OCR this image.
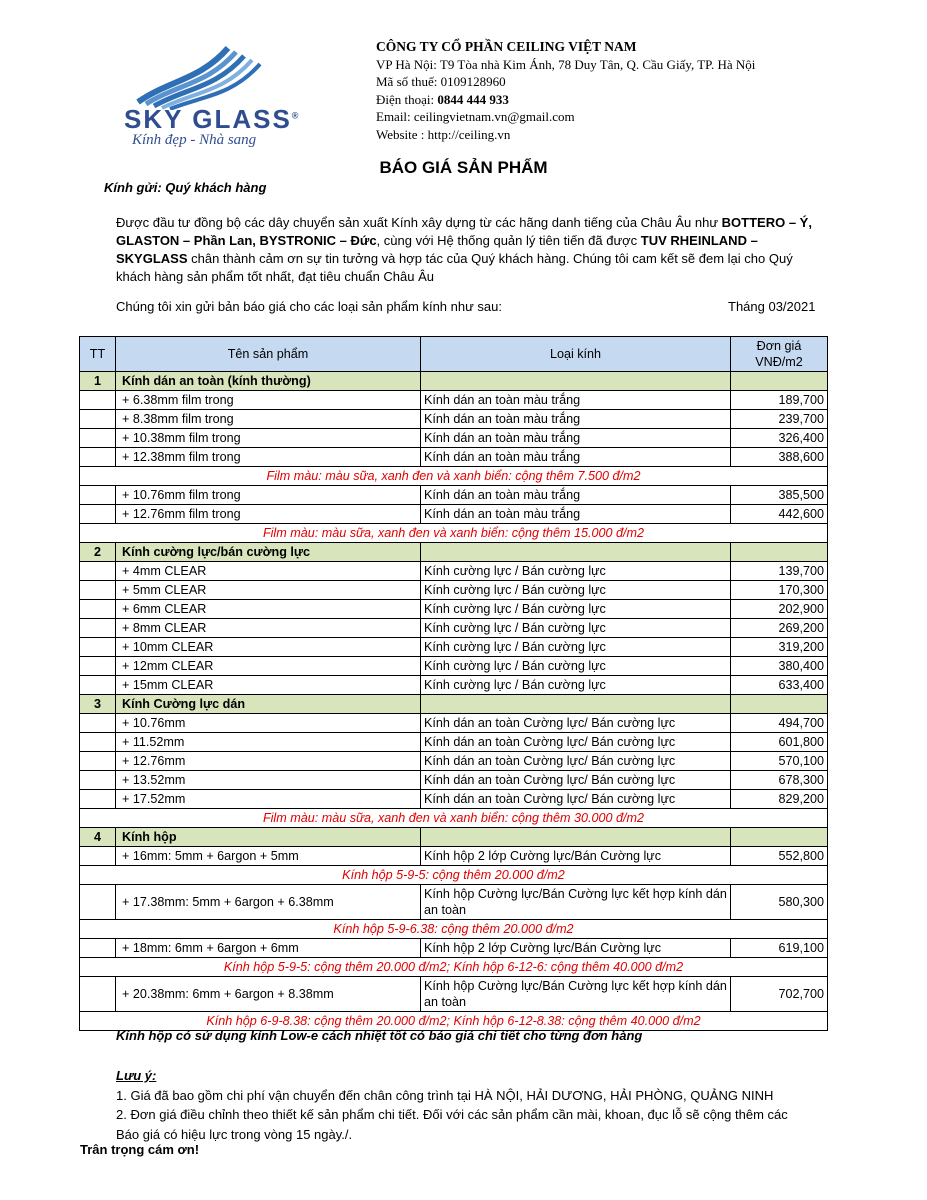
SKY GLASS®
Kính đẹp - Nhà sang
CÔNG TY CỔ PHẦN CEILING VIỆT NAM
VP Hà Nội: T9 Tòa nhà Kim Ánh, 78 Duy Tân, Q. Cầu Giấy, TP. Hà Nội
Mã số thuế: 0109128960
Điện thoại: 0844 444 933
Email: ceilingvietnam.vn@gmail.com
Website : http://ceiling.vn
BÁO GIÁ SẢN PHẨM
Kính gửi: Quý khách hàng
Được đầu tư đồng bộ các dây chuyển sản xuất Kính xây dựng từ các hãng danh tiếng của Châu Âu như BOTTERO – Ý, GLASTON – Phần Lan, BYSTRONIC – Đức, cùng với Hệ thống quản lý tiên tiến đã được TUV RHEINLAND – SKYGLASS chân thành cảm ơn sự tin tưởng và hợp tác của Quý khách hàng. Chúng tôi cam kết sẽ đem lại cho Quý khách hàng sản phẩm tốt nhất, đạt tiêu chuẩn Châu Âu
Chúng tôi xin gửi bản báo giá cho các loại sản phẩm kính như sau:	Tháng 03/2021
TT	Tên sản phẩm	Loại kính	Đơn giá VNĐ/m2
1	Kính dán an toàn (kính thường)		
	+ 6.38mm film trong	Kính dán an toàn màu trắng	189,700
	+ 8.38mm film trong	Kính dán an toàn màu trắng	239,700
	+ 10.38mm film trong	Kính dán an toàn màu trắng	326,400
	+ 12.38mm film trong	Kính dán an toàn màu trắng	388,600
Film màu: màu sữa, xanh đen và xanh biển: cộng thêm 7.500 đ/m2			
	+ 10.76mm film trong	Kính dán an toàn màu trắng	385,500
	+ 12.76mm film trong	Kính dán an toàn màu trắng	442,600
Film màu: màu sữa, xanh đen và xanh biển: cộng thêm 15.000 đ/m2			
2	Kính cường lực/bán cường lực		
	+ 4mm CLEAR	Kính cường lực / Bán cường lực	139,700
	+ 5mm CLEAR	Kính cường lực / Bán cường lực	170,300
	+ 6mm CLEAR	Kính cường lực / Bán cường lực	202,900
	+ 8mm CLEAR	Kính cường lực / Bán cường lực	269,200
	+ 10mm CLEAR	Kính cường lực / Bán cường lực	319,200
	+ 12mm CLEAR	Kính cường lực / Bán cường lực	380,400
	+ 15mm CLEAR	Kính cường lực / Bán cường lực	633,400
3	Kính Cường lực dán		
	+ 10.76mm	Kính dán an toàn Cường lực/ Bán cường lực	494,700
	+ 11.52mm	Kính dán an toàn Cường lực/ Bán cường lực	601,800
	+ 12.76mm	Kính dán an toàn Cường lực/ Bán cường lực	570,100
	+ 13.52mm	Kính dán an toàn Cường lực/ Bán cường lực	678,300
	+ 17.52mm	Kính dán an toàn Cường lực/ Bán cường lực	829,200
Film màu: màu sữa, xanh đen và xanh biển: cộng thêm 30.000 đ/m2			
4	Kính hộp		
	+ 16mm: 5mm + 6argon + 5mm	Kính hộp 2 lớp Cường lực/Bán Cường lực	552,800
Kính hộp 5-9-5: cộng thêm 20.000 đ/m2			
	+ 17.38mm: 5mm + 6argon + 6.38mm	Kính hộp Cường lực/Bán Cường lực kết hợp kính dán an toàn	580,300
Kính hộp 5-9-6.38: cộng thêm 20.000 đ/m2			
	+ 18mm: 6mm + 6argon + 6mm	Kính hộp 2 lớp Cường lực/Bán Cường lực	619,100
Kính hộp 5-9-5: cộng thêm 20.000 đ/m2; Kính hộp 6-12-6: cộng thêm 40.000 đ/m2			
	+ 20.38mm: 6mm + 6argon + 8.38mm	Kính hộp Cường lực/Bán Cường lực kết hợp kính dán an toàn	702,700
Kính hộp 6-9-8.38: cộng thêm 20.000 đ/m2; Kính hộp 6-12-8.38: cộng thêm 40.000 đ/m2			
Kính hộp có sử dụng kính Low-e cách nhiệt tốt có báo giá chi tiết cho từng đơn hàng
Lưu ý:
1. Giá đã bao gồm chi phí vận chuyển đến chân công trình tại HÀ NỘI, HẢI DƯƠNG, HẢI PHÒNG, QUẢNG NINH
2. Đơn giá điều chỉnh theo thiết kế sản phẩm chi tiết. Đối với các sản phẩm cần mài, khoan, đục lỗ sẽ cộng thêm các
Báo giá có hiệu lực trong vòng 15 ngày./.
Trân trọng cám ơn!
